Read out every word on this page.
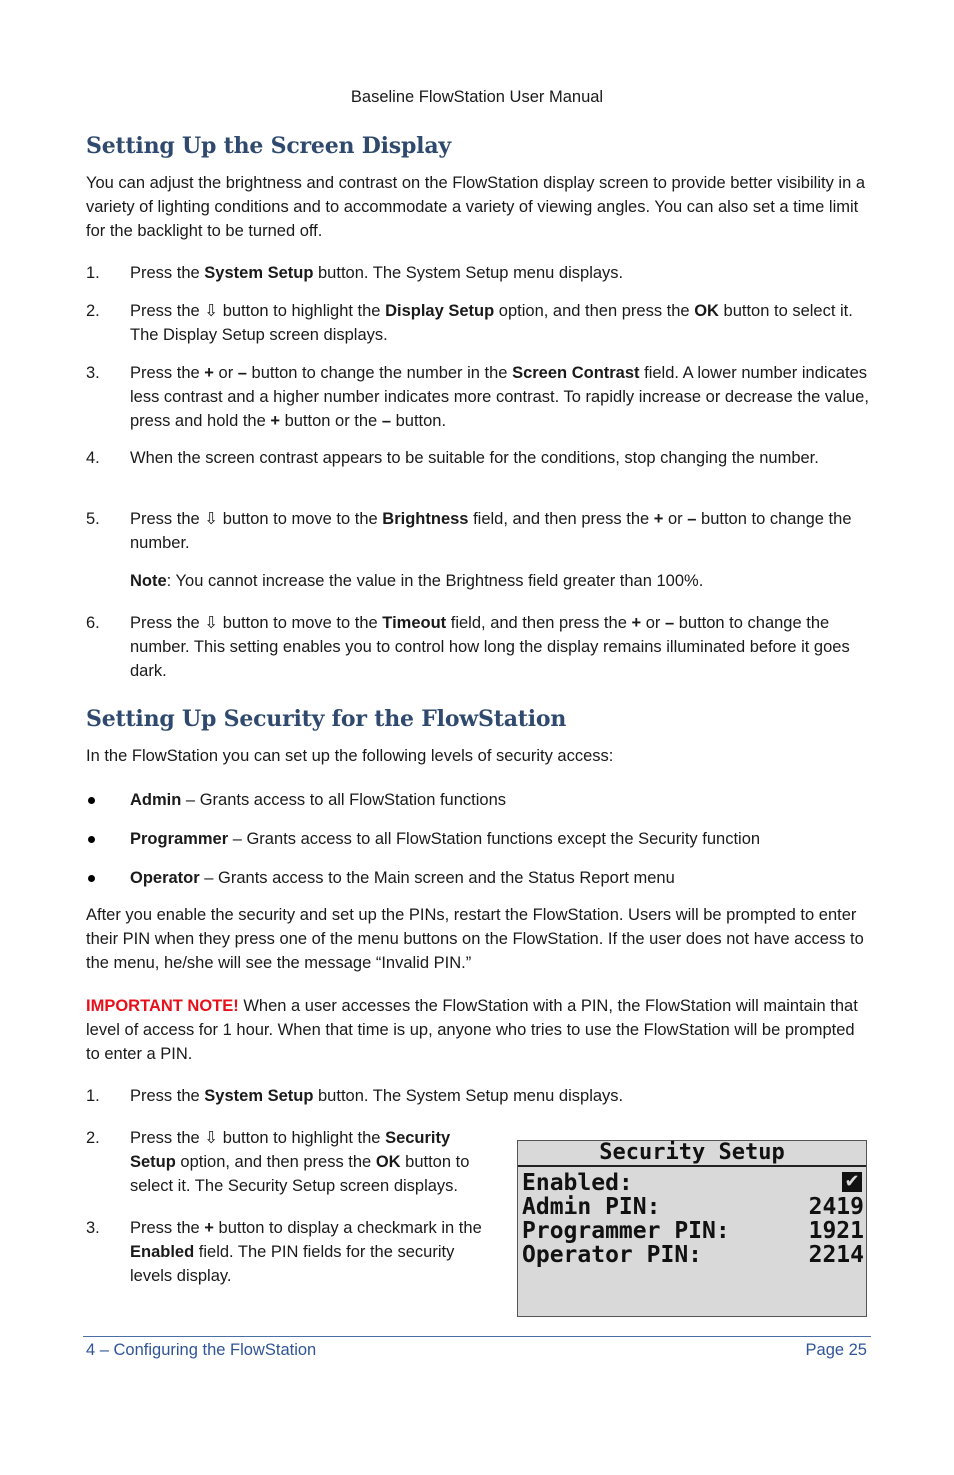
Baseline FlowStation User Manual
Setting Up the Screen Display

You can adjust the brightness and contrast on the FlowStation display screen to provide better visibility in a variety of lighting conditions and to accommodate a variety of viewing angles. You can also set a time limit for the backlight to be turned off.

1. Press the System Setup button. The System Setup menu displays.
2. Press the ⇩ button to highlight the Display Setup option, and then press the OK button to select it. The Display Setup screen displays.
3. Press the + or – button to change the number in the Screen Contrast field. A lower number indicates less contrast and a higher number indicates more contrast. To rapidly increase or decrease the value, press and hold the + button or the – button.
4. When the screen contrast appears to be suitable for the conditions, stop changing the number.
5. Press the ⇩ button to move to the Brightness field, and then press the + or – button to change the number.
Note: You cannot increase the value in the Brightness field greater than 100%.
6. Press the ⇩ button to move to the Timeout field, and then press the + or – button to change the number. This setting enables you to control how long the display remains illuminated before it goes dark.
Setting Up Security for the FlowStation

In the FlowStation you can set up the following levels of security access:

Admin – Grants access to all FlowStation functions
Programmer – Grants access to all FlowStation functions except the Security function
Operator – Grants access to the Main screen and the Status Report menu

After you enable the security and set up the PINs, restart the FlowStation. Users will be prompted to enter their PIN when they press one of the menu buttons on the FlowStation. If the user does not have access to the menu, he/she will see the message “Invalid PIN.”

IMPORTANT NOTE! When a user accesses the FlowStation with a PIN, the FlowStation will maintain that level of access for 1 hour. When that time is up, anyone who tries to use the FlowStation will be prompted to enter a PIN.

1. Press the System Setup button. The System Setup menu displays.
2. Press the ⇩ button to highlight the Security Setup option, and then press the OK button to select it. The Security Setup screen displays.
3. Press the + button to display a checkmark in the Enabled field. The PIN fields for the security levels display.
Security Setup
Enabled:	✔
Admin PIN:	2419
Programmer PIN:	1921
Operator PIN:	2214
4 – Configuring the FlowStation	Page 25
